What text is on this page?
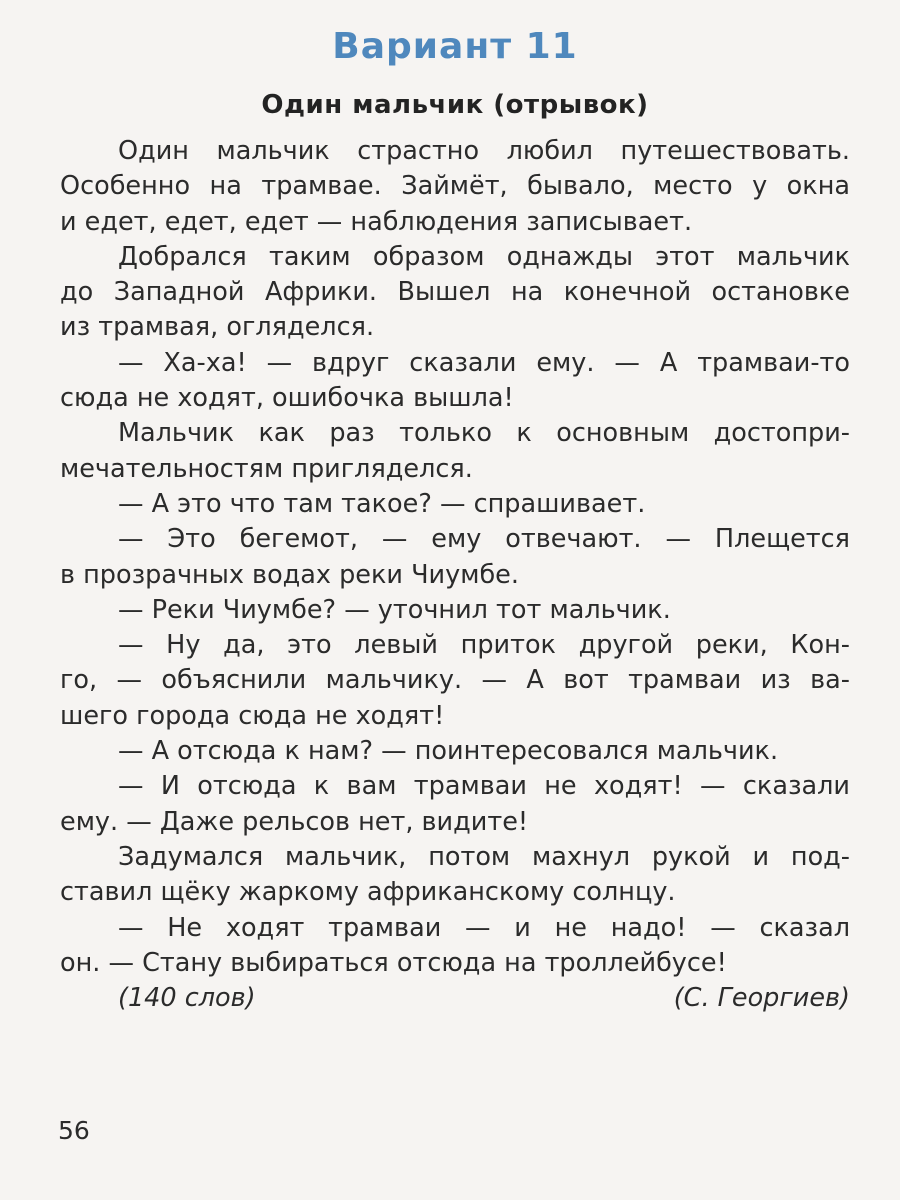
Вариант 11
Один мальчик (отрывок)
Один мальчик страстно любил путешествовать.
Особенно на трамвае. Займёт, бывало, место у окна
и едет, едет, едет — наблюдения записывает.
Добрался таким образом однажды этот мальчик
до Западной Африки. Вышел на конечной остановке
из трамвая, огляделся.
— Ха-ха! — вдруг сказали ему. — А трамваи-то
сюда не ходят, ошибочка вышла!
Мальчик как раз только к основным достопри-
мечательностям пригляделся.
— А это что там такое? — спрашивает.
— Это бегемот, — ему отвечают. — Плещется
в прозрачных водах реки Чиумбе.
— Реки Чиумбе? — уточнил тот мальчик.
— Ну да, это левый приток другой реки, Кон-
го, — объяснили мальчику. — А вот трамваи из ва-
шего города сюда не ходят!
— А отсюда к нам? — поинтересовался мальчик.
— И отсюда к вам трамваи не ходят! — сказали
ему. — Даже рельсов нет, видите!
Задумался мальчик, потом махнул рукой и под-
ставил щёку жаркому африканскому солнцу.
— Не ходят трамваи — и не надо! — сказал
он. — Стану выбираться отсюда на троллейбусе!
(140 слов)	(С. Георгиев)
56
